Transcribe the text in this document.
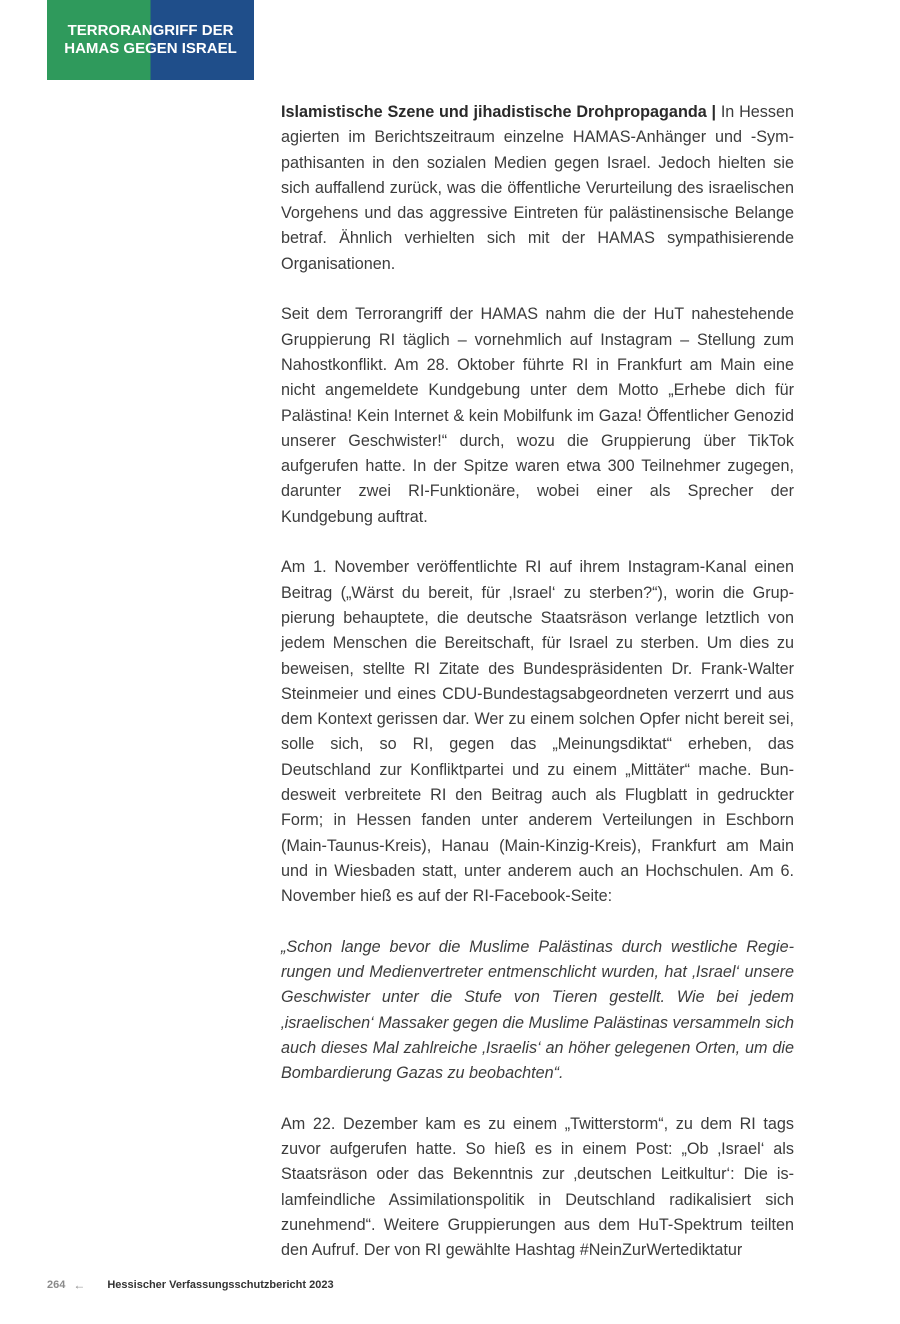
TERRORANGRIFF DER
HAMAS GEGEN ISRAEL

Islamistische Szene und jihadistische Drohpropaganda | In Hessen agierten im Berichtszeitraum einzelne HAMAS-Anhänger und -Sympathisanten in den sozialen Medien gegen Israel. Jedoch hielten sie sich auffallend zurück, was die öffentliche Verurteilung des israelischen Vorgehens und das aggressive Eintreten für palästinensische Belange betraf. Ähnlich verhielten sich mit der HAMAS sympathisierende Organisationen.

Seit dem Terrorangriff der HAMAS nahm die der HuT nahestehende Gruppierung RI täglich – vornehmlich auf Instagram – Stellung zum Nahostkonflikt. Am 28. Oktober führte RI in Frankfurt am Main eine nicht angemeldete Kundgebung unter dem Motto „Erhebe dich für Palästina! Kein Internet & kein Mobilfunk im Gaza! Öffentlicher Genozid unserer Geschwister!“ durch, wozu die Gruppierung über TikTok aufgerufen hatte. In der Spitze waren etwa 300 Teilnehmer zugegen, darunter zwei RI-Funktionäre, wobei einer als Sprecher der Kundgebung auftrat.

Am 1. November veröffentlichte RI auf ihrem Instagram-Kanal einen Beitrag („Wärst du bereit, für ‚Israel‘ zu sterben?“), worin die Gruppierung behauptete, die deutsche Staatsräson verlange letztlich von jedem Menschen die Bereitschaft, für Israel zu sterben. Um dies zu beweisen, stellte RI Zitate des Bundespräsidenten Dr. Frank-Walter Steinmeier und eines CDU-Bundestagsabgeordneten verzerrt und aus dem Kontext gerissen dar. Wer zu einem solchen Opfer nicht bereit sei, solle sich, so RI, gegen das „Meinungsdiktat“ erheben, das Deutschland zur Konfliktpartei und zu einem „Mittäter“ mache. Bundesweit verbreitete RI den Beitrag auch als Flugblatt in gedruckter Form; in Hessen fanden unter anderem Verteilungen in Eschborn (Main-Taunus-Kreis), Hanau (Main-Kinzig-Kreis), Frankfurt am Main und in Wiesbaden statt, unter anderem auch an Hochschulen. Am 6. November hieß es auf der RI-Facebook-Seite:

„Schon lange bevor die Muslime Palästinas durch westliche Regierungen und Medienvertreter entmenschlicht wurden, hat ‚Israel‘ unsere Geschwister unter die Stufe von Tieren gestellt. Wie bei jedem ‚israelischen‘ Massaker gegen die Muslime Palästinas versammeln sich auch dieses Mal zahlreiche ‚Israelis‘ an höher gelegenen Orten, um die Bombardierung Gazas zu beobachten“.

Am 22. Dezember kam es zu einem „Twitterstorm“, zu dem RI tags zuvor aufgerufen hatte. So hieß es in einem Post: „Ob ‚Israel‘ als Staatsräson oder das Bekenntnis zur ‚deutschen Leitkultur‘: Die islamfeindliche Assimilationspolitik in Deutschland radikalisiert sich zunehmend“. Weitere Gruppierungen aus dem HuT-Spektrum teilten den Aufruf. Der von RI gewählte Hashtag #NeinZurWertediktatur

264 ← Hessischer Verfassungsschutzbericht 2023
